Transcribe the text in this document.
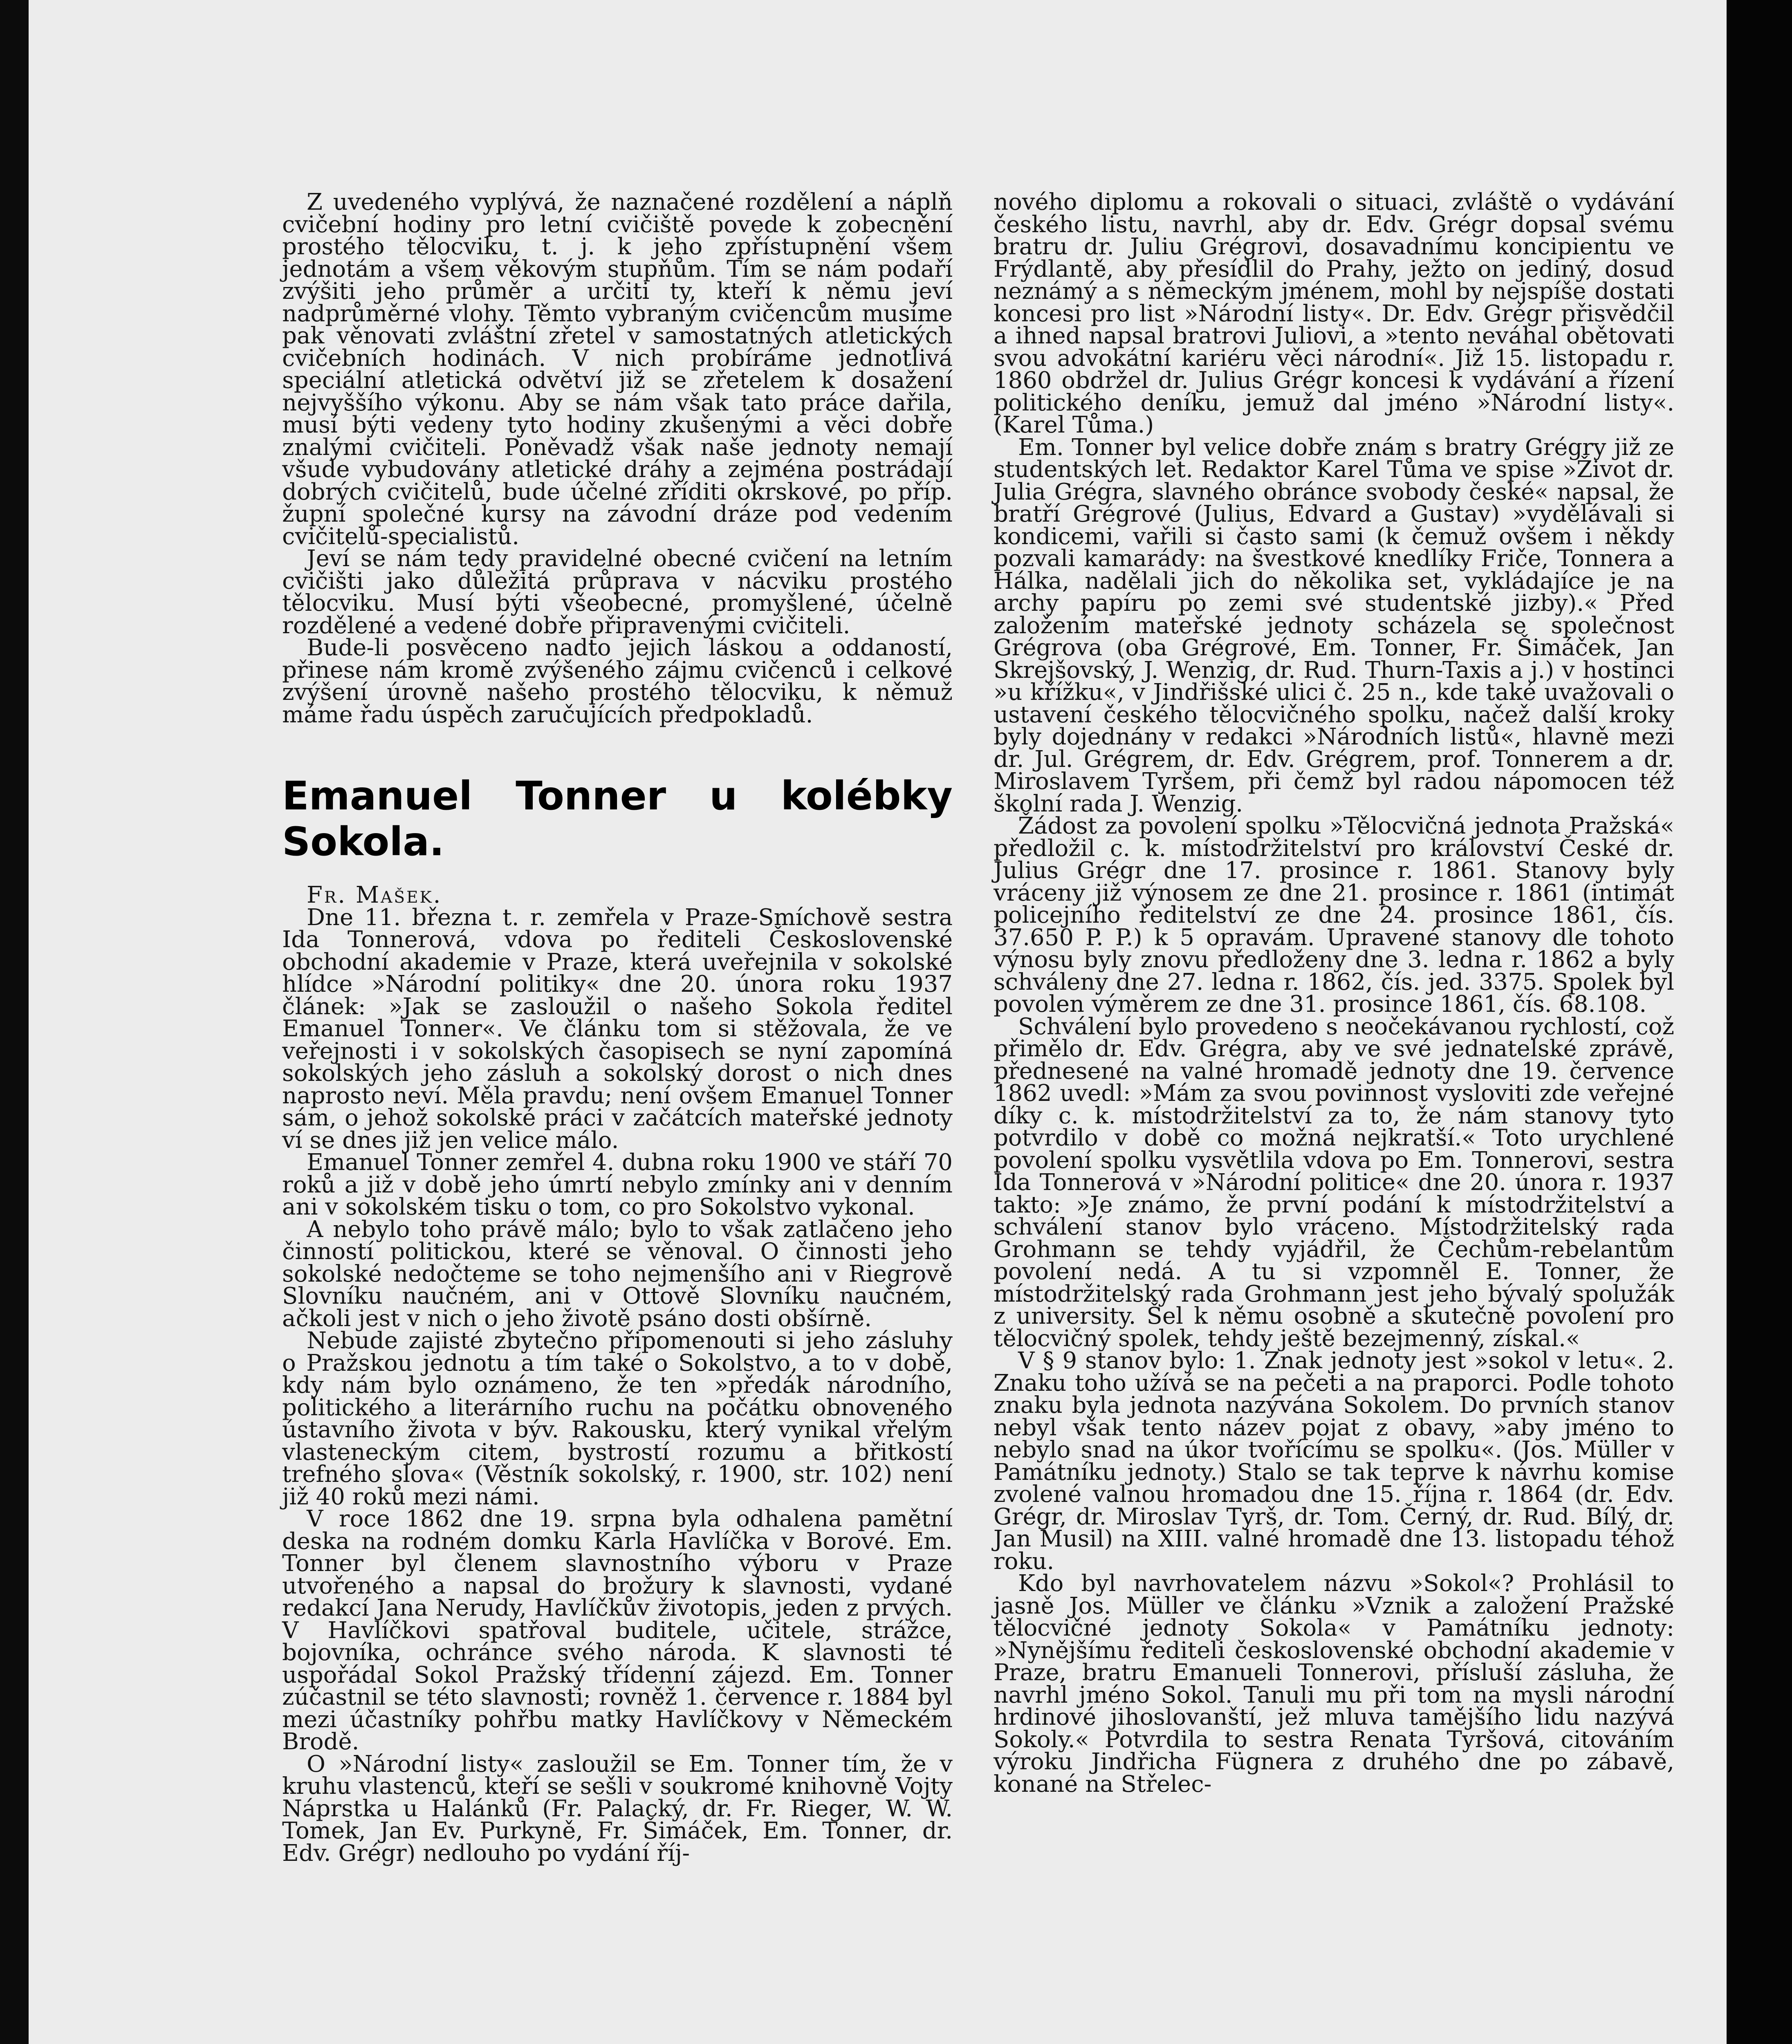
Z uvedeného vyplývá, že naznačené rozdělení a náplň cvičební hodiny pro letní cvičiště povede k zobecnění prostého tělocviku, t. j. k jeho zpřístupnění všem jednotám a všem věkovým stupňům. Tím se nám podaří zvýšiti jeho průměr a určiti ty, kteří k němu jeví nadprůměrné vlohy. Těmto vybraným cvičencům musíme pak věnovati zvláštní zřetel v samostatných atletických cvičebních hodinách. V nich probíráme jednotlivá speciální atletická odvětví již se zřetelem k dosažení nejvyššího výkonu. Aby se nám však tato práce dařila, musí býti vedeny tyto hodiny zkušenými a věci dobře znalými cvičiteli. Poněvadž však naše jednoty nemají všude vybudovány atletické dráhy a zejména postrádají dobrých cvičitelů, bude účelné zříditi okrskové, po příp. župní společné kursy na závodní dráze pod vedením cvičitelů-specialistů.

Jeví se nám tedy pravidelné obecné cvičení na letním cvičišti jako důležitá průprava v nácviku prostého tělocviku. Musí býti všeobecné, promyšlené, účelně rozdělené a vedené dobře připravenými cvičiteli.

Bude-li posvěceno nadto jejich láskou a oddaností, přinese nám kromě zvýšeného zájmu cvičenců i celkové zvýšení úrovně našeho prostého tělocviku, k němuž máme řadu úspěch zaručujících předpokladů.

Emanuel Tonner u kolébky Sokola.

Fr. Mašek.

Dne 11. března t. r. zemřela v Praze-Smíchově sestra Ida Tonnerová, vdova po řediteli Československé obchodní akademie v Praze, která uveřejnila v sokolské hlídce »Národní politiky« dne 20. února roku 1937 článek: »Jak se zasloužil o našeho Sokola ředitel Emanuel Tonner«. Ve článku tom si stěžovala, že ve veřejnosti i v sokolských časopisech se nyní zapomíná sokolských jeho zásluh a sokolský dorost o nich dnes naprosto neví. Měla pravdu; není ovšem Emanuel Tonner sám, o jehož sokolské práci v začátcích mateřské jednoty ví se dnes již jen velice málo.

Emanuel Tonner zemřel 4. dubna roku 1900 ve stáří 70 roků a již v době jeho úmrtí nebylo zmínky ani v denním ani v sokolském tisku o tom, co pro Sokolstvo vykonal.

A nebylo toho právě málo; bylo to však zatlačeno jeho činností politickou, které se věnoval. O činnosti jeho sokolské nedočteme se toho nejmenšího ani v Riegrově Slovníku naučném, ani v Ottově Slovníku naučném, ačkoli jest v nich o jeho životě psáno dosti obšírně.

Nebude zajisté zbytečno připomenouti si jeho zásluhy o Pražskou jednotu a tím také o Sokolstvo, a to v době, kdy nám bylo oznámeno, že ten »předák národního, politického a literárního ruchu na počátku obnoveného ústavního života v býv. Rakousku, který vynikal vřelým vlasteneckým citem, bystrostí rozumu a břitkostí trefného slova« (Věstník sokolský, r. 1900, str. 102) není již 40 roků mezi námi.

V roce 1862 dne 19. srpna byla odhalena pamětní deska na rodném domku Karla Havlíčka v Borové. Em. Tonner byl členem slavnostního výboru v Praze utvořeného a napsal do brožury k slavnosti, vydané redakcí Jana Nerudy, Havlíčkův životopis, jeden z prvých. V Havlíčkovi spatřoval buditele, učitele, strážce, bojovníka, ochránce svého národa. K slavnosti té uspořádal Sokol Pražský třídenní zájezd. Em. Tonner zúčastnil se této slavnosti; rovněž 1. července r. 1884 byl mezi účastníky pohřbu matky Havlíčkovy v Německém Brodě.

O »Národní listy« zasloužil se Em. Tonner tím, že v kruhu vlastenců, kteří se sešli v soukromé knihovně Vojty Náprstka u Halánků (Fr. Palacký, dr. Fr. Rieger, W. W. Tomek, Jan Ev. Purkyně, Fr. Šimáček, Em. Tonner, dr. Edv. Grégr) nedlouho po vydání říj-

nového diplomu a rokovali o situaci, zvláště o vydávání českého listu, navrhl, aby dr. Edv. Grégr dopsal svému bratru dr. Juliu Grégrovi, dosavadnímu koncipientu ve Frýdlantě, aby přesídlil do Prahy, ježto on jediný, dosud neznámý a s německým jménem, mohl by nejspíše dostati koncesi pro list »Národní listy«. Dr. Edv. Grégr přisvědčil a ihned napsal bratrovi Juliovi, a »tento neváhal obětovati svou advokátní kariéru věci národní«. Již 15. listopadu r. 1860 obdržel dr. Julius Grégr koncesi k vydávání a řízení politického deníku, jemuž dal jméno »Národní listy«. (Karel Tůma.)

Em. Tonner byl velice dobře znám s bratry Grégry již ze studentských let. Redaktor Karel Tůma ve spise »Život dr. Julia Grégra, slavného obránce svobody české« napsal, že bratří Grégrové (Julius, Edvard a Gustav) »vydělávali si kondicemi, vařili si často sami (k čemuž ovšem i někdy pozvali kamarády: na švestkové knedlíky Friče, Tonnera a Hálka, nadělali jich do několika set, vykládajíce je na archy papíru po zemi své studentské jizby).« Před založením mateřské jednoty scházela se společnost Grégrova (oba Grégrové, Em. Tonner, Fr. Šimáček, Jan Skrejšovský, J. Wenzig, dr. Rud. Thurn-Taxis a j.) v hostinci »u křížku«, v Jindřišské ulici č. 25 n., kde také uvažovali o ustavení českého tělocvičného spolku, načež další kroky byly dojednány v redakci »Národních listů«, hlavně mezi dr. Jul. Grégrem, dr. Edv. Grégrem, prof. Tonnerem a dr. Miroslavem Tyršem, při čemž byl radou nápomocen též školní rada J. Wenzig.

Žádost za povolení spolku »Tělocvičná jednota Pražská« předložil c. k. místodržitelství pro království České dr. Julius Grégr dne 17. prosince r. 1861. Stanovy byly vráceny již výnosem ze dne 21. prosince r. 1861 (intimát policejního ředitelství ze dne 24. prosince 1861, čís. 37.650 P. P.) k 5 opravám. Upravené stanovy dle tohoto výnosu byly znovu předloženy dne 3. ledna r. 1862 a byly schváleny dne 27. ledna r. 1862, čís. jed. 3375. Spolek byl povolen výměrem ze dne 31. prosince 1861, čís. 68.108.

Schválení bylo provedeno s neočekávanou rychlostí, což přimělo dr. Edv. Grégra, aby ve své jednatelské zprávě, přednesené na valné hromadě jednoty dne 19. července 1862 uvedl: »Mám za svou povinnost vysloviti zde veřejné díky c. k. místodržitelství za to, že nám stanovy tyto potvrdilo v době co možná nejkratší.« Toto urychlené povolení spolku vysvětlila vdova po Em. Tonnerovi, sestra Ida Tonnerová v »Národní politice« dne 20. února r. 1937 takto: »Je známo, že první podání k místodržitelství a schválení stanov bylo vráceno. Místodržitelský rada Grohmann se tehdy vyjádřil, že Čechům-rebelantům povolení nedá. A tu si vzpomněl E. Tonner, že místodržitelský rada Grohmann jest jeho bývalý spolužák z university. Šel k němu osobně a skutečně povolení pro tělocvičný spolek, tehdy ještě bezejmenný, získal.«

V § 9 stanov bylo: 1. Znak jednoty jest »sokol v letu«. 2. Znaku toho užívá se na pečeti a na praporci. Podle tohoto znaku byla jednota nazývána Sokolem. Do prvních stanov nebyl však tento název pojat z obavy, »aby jméno to nebylo snad na úkor tvořícímu se spolku«. (Jos. Müller v Památníku jednoty.) Stalo se tak teprve k návrhu komise zvolené valnou hromadou dne 15. října r. 1864 (dr. Edv. Grégr, dr. Miroslav Tyrš, dr. Tom. Černý, dr. Rud. Bílý, dr. Jan Musil) na XIII. valné hromadě dne 13. listopadu téhož roku.

Kdo byl navrhovatelem názvu »Sokol«? Prohlásil to jasně Jos. Müller ve článku »Vznik a založení Pražské tělocvičné jednoty Sokola« v Památníku jednoty: »Nynějšímu řediteli československé obchodní akademie v Praze, bratru Emanueli Tonnerovi, přísluší zásluha, že navrhl jméno Sokol. Tanuli mu při tom na mysli národní hrdinové jihoslovanští, jež mluva tamějšího lidu nazývá Sokoly.« Potvrdila to sestra Renata Tyršová, citováním výroku Jindřicha Fügnera z druhého dne po zábavě, konané na Střelec-
